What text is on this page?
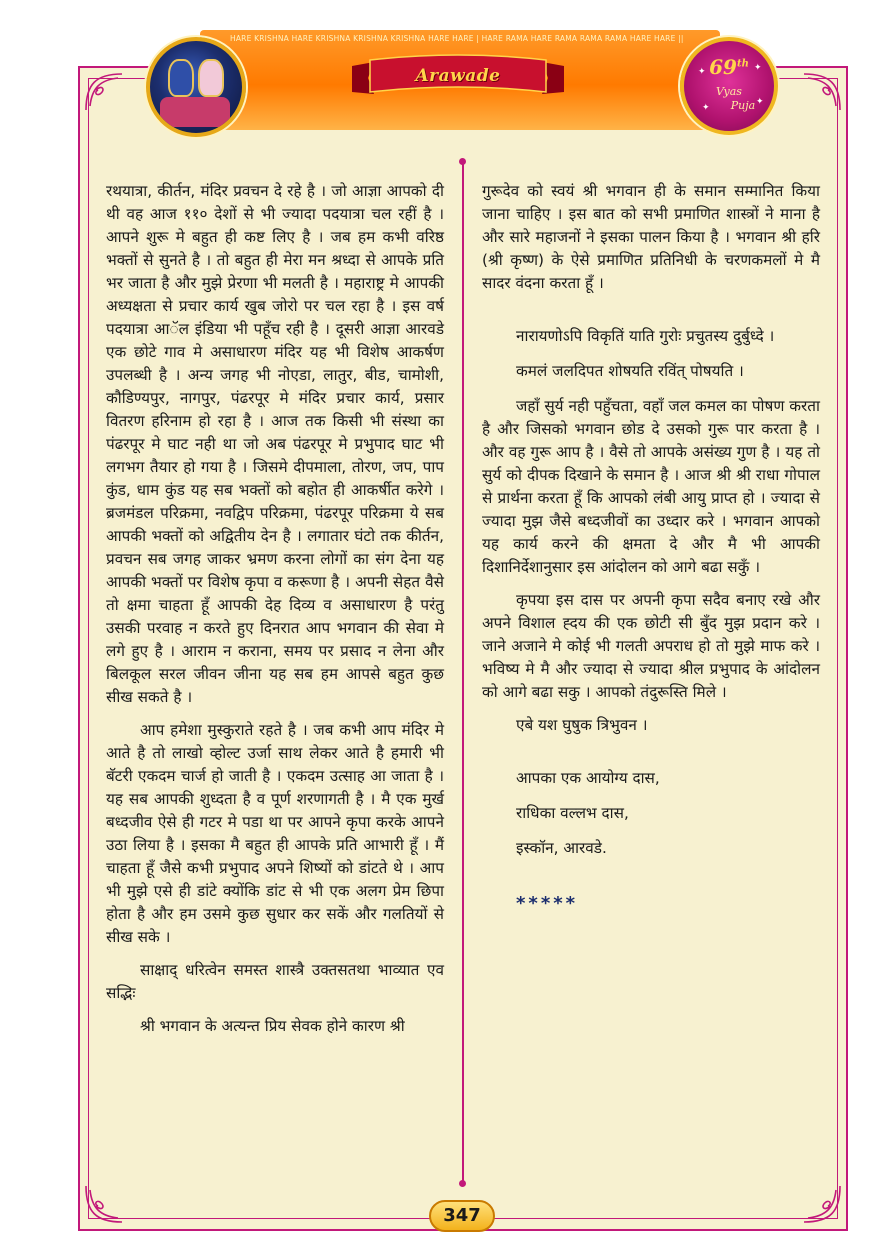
HARE KRISHNA HARE KRISHNA KRISHNA KRISHNA HARE HARE | HARE RAMA HARE RAMA RAMA RAMA HARE HARE ||
Arawade	69th
Vyas
Puja
✦	✦
✦
✦

रथयात्रा, कीर्तन, मंदिर प्रवचन दे रहे है । जो आज्ञा आपको दी थी वह आज ११० देशों से भी ज्यादा पदयात्रा चल रहीं है । आपने शुरू मे बहुत ही कष्ट लिए है । जब हम कभी वरिष्ठ भक्तों से सुनते है । तो बहुत ही मेरा मन श्रध्दा से आपके प्रति भर जाता है और मुझे प्रेरणा भी मलती है । महाराष्ट्र मे आपकी अध्यक्षता से प्रचार कार्य खुब जोरो पर चल रहा है । इस वर्ष पदयात्रा आॅल इंडिया भी पहूँच रही है । दूसरी आज्ञा आरवडे एक छोटे गाव मे असाधारण मंदिर यह भी विशेष आकर्षण उपलब्धी है । अन्य जगह भी नोएडा, लातुर, बीड, चामोशी, कौडिण्यपुर, नागपुर, पंढरपूर मे मंदिर प्रचार कार्य, प्रसार वितरण हरिनाम हो रहा है । आज तक किसी भी संस्था का पंढरपूर मे घाट नही था जो अब पंढरपूर मे प्रभुपाद घाट भी लगभग तैयार हो गया है । जिसमे दीपमाला, तोरण, जप, पाप कुंड, धाम कुंड यह सब भक्तों को बहोत ही आकर्षीत करेगे । ब्रजमंडल परिक्रमा, नवद्विप परिक्रमा, पंढरपूर परिक्रमा ये सब आपकी भक्तों को अद्वितीय देन है । लगातार घंटो तक कीर्तन, प्रवचन सब जगह जाकर भ्रमण करना लोगों का संग देना यह आपकी भक्तों पर विशेष कृपा व करूणा है । अपनी सेहत वैसे तो क्षमा चाहता हूँ आपकी देह दिव्य व असाधारण है परंतु उसकी परवाह न करते हुए दिनरात आप भगवान की सेवा मे लगे हुए है । आराम न कराना, समय पर प्रसाद न लेना और बिलकूल सरल जीवन जीना यह सब हम आपसे बहुत कुछ सीख सकते है ।

आप हमेशा मुस्कुराते रहते है । जब कभी आप मंदिर मे आते है तो लाखो व्होल्ट उर्जा साथ लेकर आते है हमारी भी बॅटरी एकदम चार्ज हो जाती है । एकदम उत्साह आ जाता है । यह सब आपकी शुध्दता है व पूर्ण शरणागती है । मै एक मुर्ख बध्दजीव ऐसे ही गटर मे पडा था पर आपने कृपा करके आपने उठा लिया है । इसका मै बहुत ही आपके प्रति आभारी हूँ । मैं चाहता हूँ जैसे कभी प्रभुपाद अपने शिष्यों को डांटते थे । आप भी मुझे एसे ही डांटे क्योंकि डांट से भी एक अलग प्रेम छिपा होता है और हम उसमे कुछ सुधार कर सकें और गलतियों से सीख सके ।

साक्षाद् धरित्वेन समस्त शास्त्रै उक्तसतथा भाव्यात एव सद्भिः

श्री भगवान के अत्यन्त प्रिय सेवक होने कारण श्री

गुरूदेव को स्वयं श्री भगवान ही के समान सम्मानित किया जाना चाहिए । इस बात को सभी प्रमाणित शास्त्रों ने माना है और सारे महाजनों ने इसका पालन किया है । भगवान श्री हरि (श्री कृष्ण) के ऐसे प्रमाणित प्रतिनिधी के चरणकमलों मे मै सादर वंदना करता हूँ ।

नारायणोऽपि विकृतिं याति गुरोः प्रचुतस्य दुर्बुध्दे ।

कमलं जलदिपत शोषयति रविंत् पोषयति ।

जहाँ सुर्य नही पहुँचता, वहाँ जल कमल का पोषण करता है और जिसको भगवान छोड दे उसको गुरू पार करता है । और वह गुरू आप है । वैसे तो आपके असंख्य गुण है । यह तो सुर्य को दीपक दिखाने के समान है । आज श्री श्री राधा गोपाल से प्रार्थना करता हूँ कि आपको लंबी आयु प्राप्त हो । ज्यादा से ज्यादा मुझ जैसे बध्दजीवों का उध्दार करे । भगवान आपको यह कार्य करने की क्षमता दे और मै भी आपकी दिशानिर्देशानुसार इस आंदोलन को आगे बढा सकुँ ।

कृपया इस दास पर अपनी कृपा सदैव बनाए रखे और अपने विशाल ह्दय की एक छोटी सी बुँद मुझ प्रदान करे । जाने अजाने मे कोई भी गलती अपराध हो तो मुझे माफ करे । भविष्य मे मै और ज्यादा से ज्यादा श्रील प्रभुपाद के आंदोलन को आगे बढा सकु । आपको तंदुरूस्ति मिले ।

एबे यश घुषुक त्रिभुवन ।

आपका एक आयोग्य दास,

राधिका वल्लभ दास,

इस्कॉन, आरवडे.

*****

347
